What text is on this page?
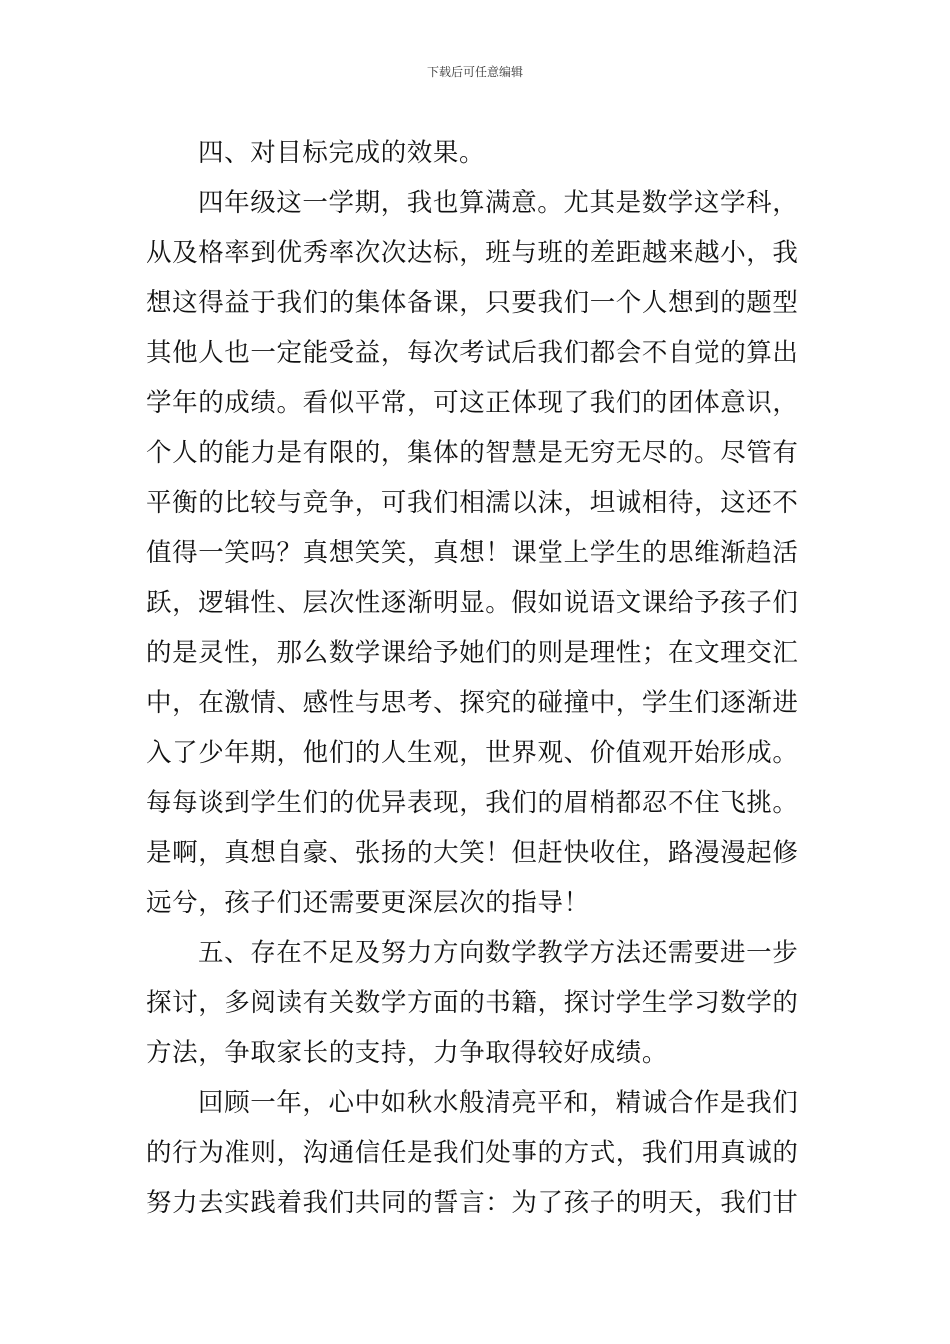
下载后可任意编辑
四、对目标完成的效果。
四年级这一学期，我也算满意。尤其是数学这学科，
从及格率到优秀率次次达标，班与班的差距越来越小，我
想这得益于我们的集体备课，只要我们一个人想到的题型
其他人也一定能受益，每次考试后我们都会不自觉的算出
学年的成绩。看似平常，可这正体现了我们的团体意识，
个人的能力是有限的，集体的智慧是无穷无尽的。尽管有
平衡的比较与竞争，可我们相濡以沫，坦诚相待，这还不
值得一笑吗？真想笑笑，真想！课堂上学生的思维渐趋活
跃，逻辑性、层次性逐渐明显。假如说语文课给予孩子们
的是灵性，那么数学课给予她们的则是理性；在文理交汇
中，在激情、感性与思考、探究的碰撞中，学生们逐渐进
入了少年期，他们的人生观，世界观、价值观开始形成。
每每谈到学生们的优异表现，我们的眉梢都忍不住飞挑。
是啊，真想自豪、张扬的大笑！但赶快收住，路漫漫起修
远兮，孩子们还需要更深层次的指导！
五、存在不足及努力方向数学教学方法还需要进一步
探讨，多阅读有关数学方面的书籍，探讨学生学习数学的
方法，争取家长的支持，力争取得较好成绩。
回顾一年，心中如秋水般清亮平和，精诚合作是我们
的行为准则，沟通信任是我们处事的方式，我们用真诚的
努力去实践着我们共同的誓言：为了孩子的明天，我们甘
